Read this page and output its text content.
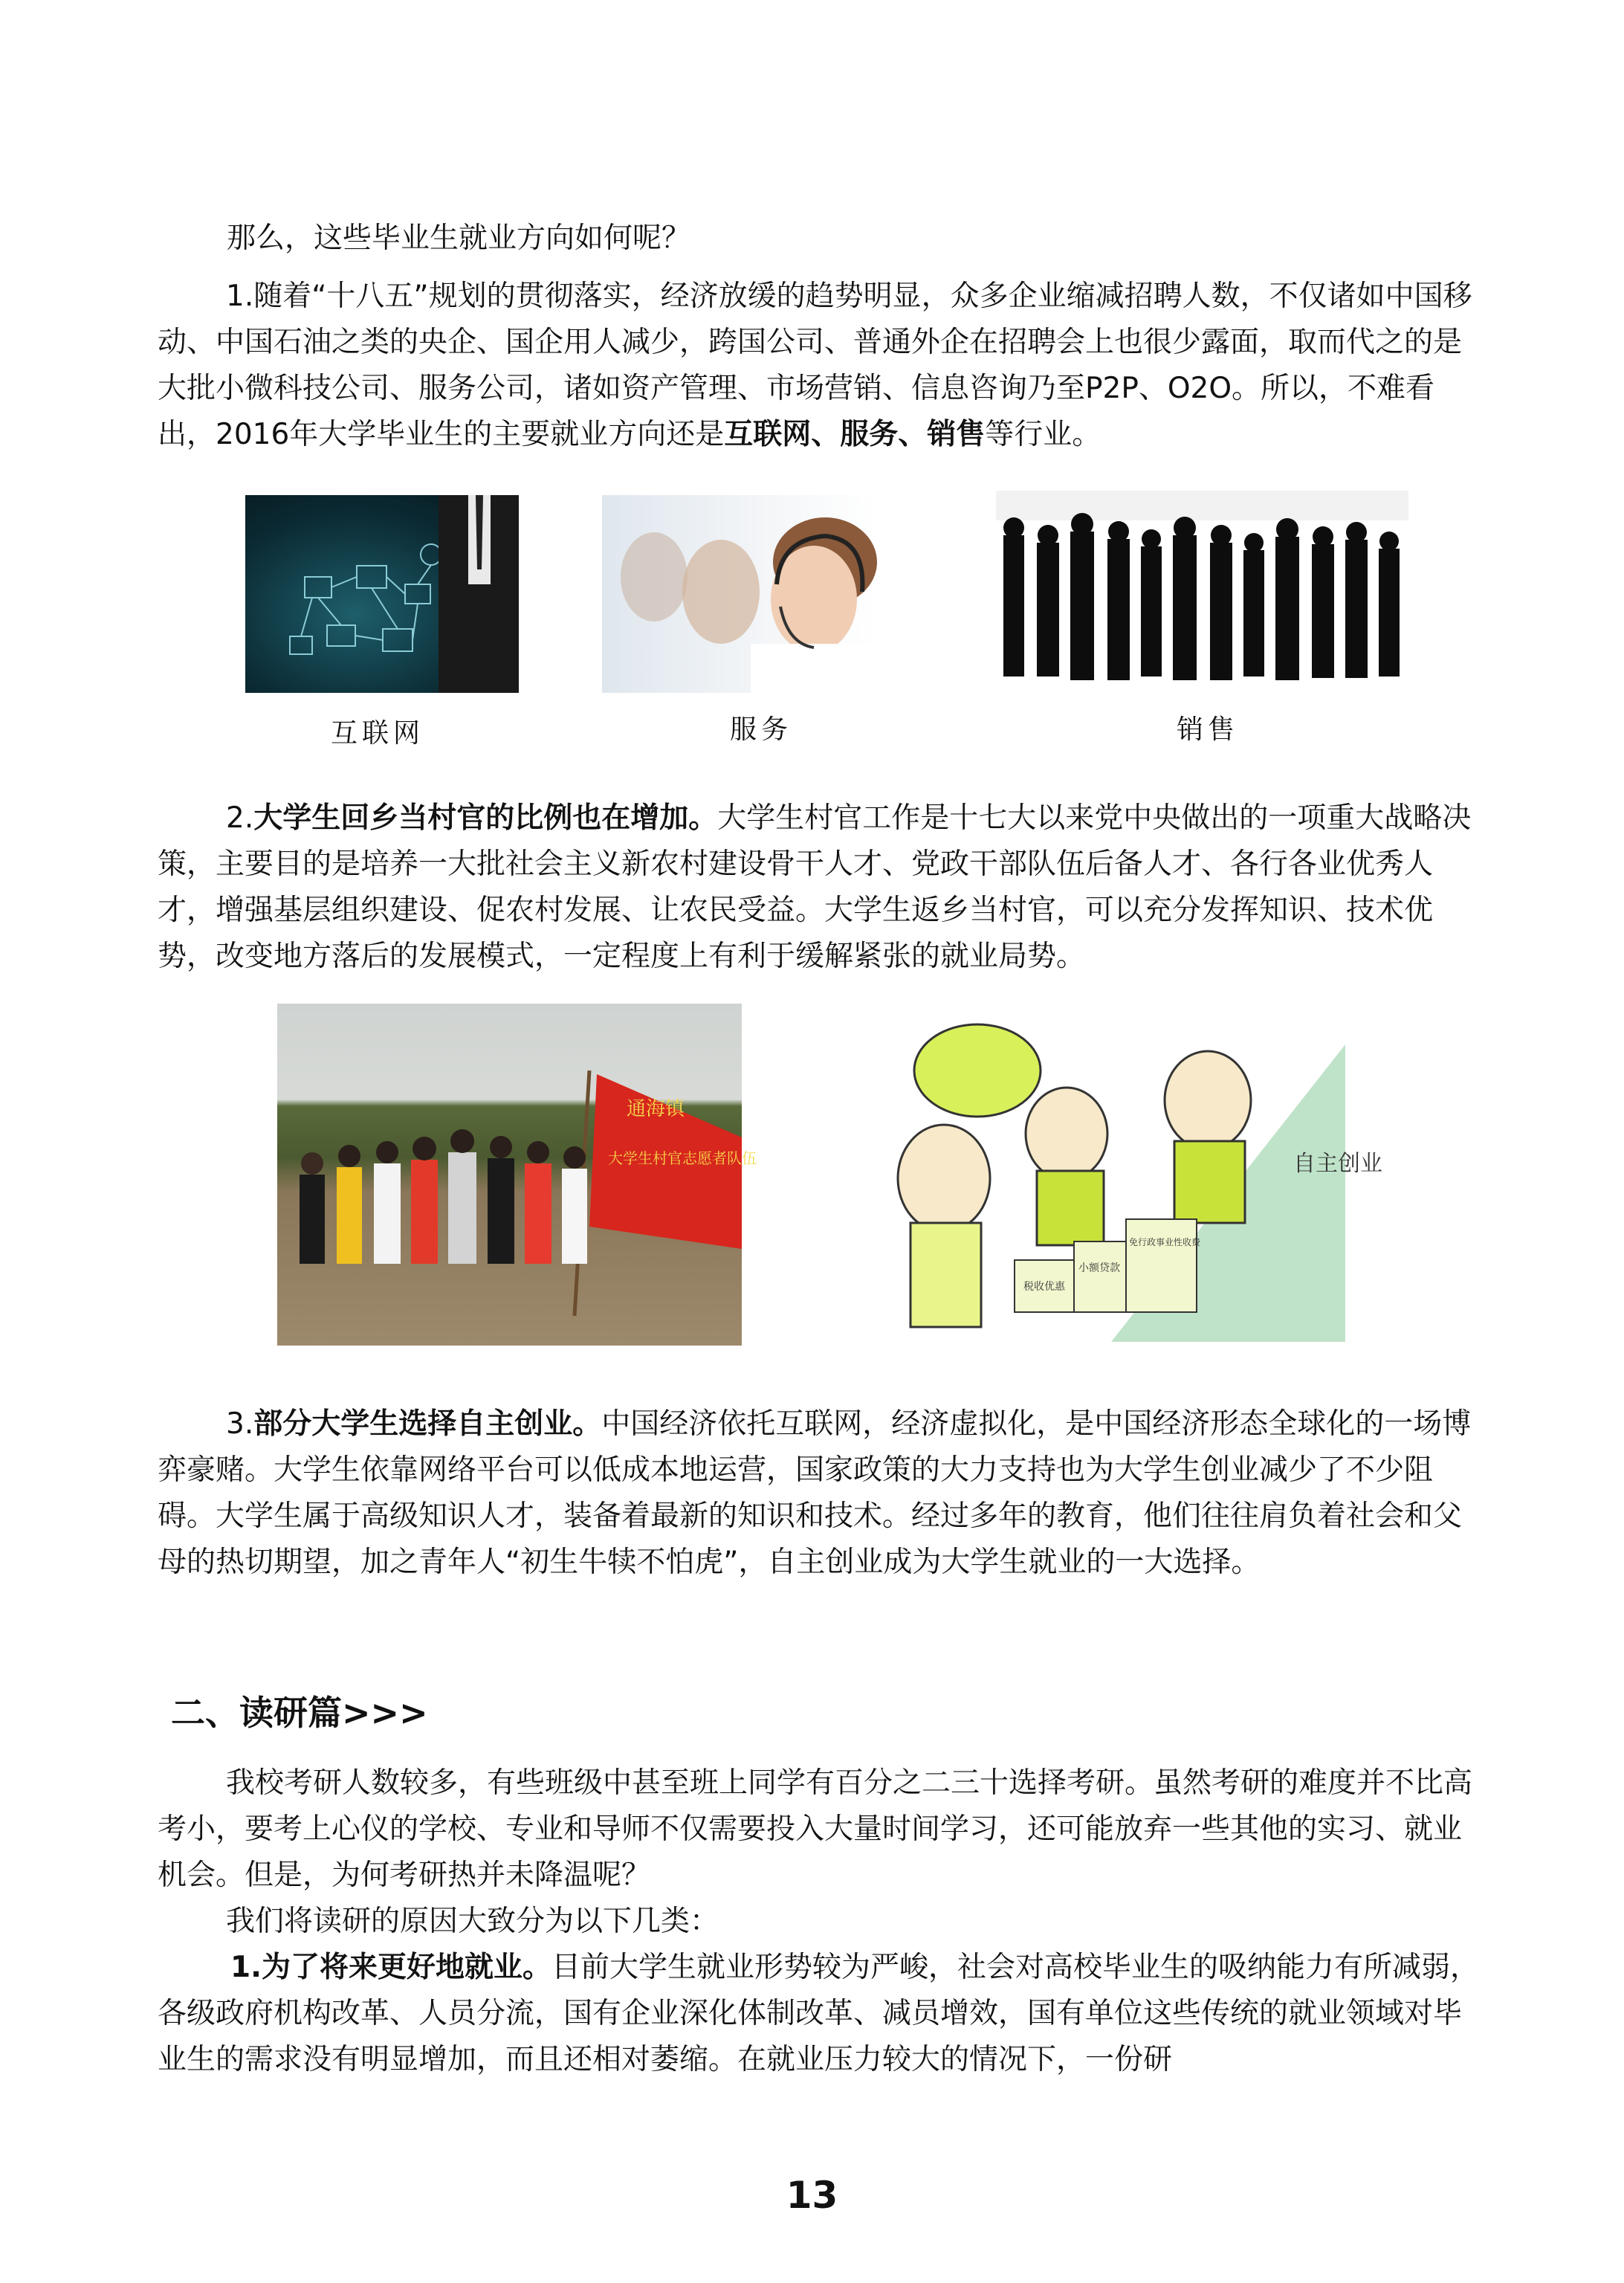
那么，这些毕业生就业方向如何呢？

1.随着“十八五”规划的贯彻落实，经济放缓的趋势明显，众多企业缩减招聘人数，不仅诸如中国移动、中国石油之类的央企、国企用人减少，跨国公司、普通外企在招聘会上也很少露面，取而代之的是大批小微科技公司、服务公司，诸如资产管理、市场营销、信息咨询乃至P2P、O2O。所以，不难看出，2016年大学毕业生的主要就业方向还是互联网、服务、销售等行业。

互联网	服务	销售

2.大学生回乡当村官的比例也在增加。大学生村官工作是十七大以来党中央做出的一项重大战略决策，主要目的是培养一大批社会主义新农村建设骨干人才、党政干部队伍后备人才、各行各业优秀人才，增强基层组织建设、促农村发展、让农民受益。大学生返乡当村官，可以充分发挥知识、技术优势，改变地方落后的发展模式，一定程度上有利于缓解紧张的就业局势。

通海镇
大学生村官志愿者队伍
税收优惠
小额贷款
免行政事业性收费
自主创业

3.部分大学生选择自主创业。中国经济依托互联网，经济虚拟化，是中国经济形态全球化的一场博弈豪赌。大学生依靠网络平台可以低成本地运营，国家政策的大力支持也为大学生创业减少了不少阻碍。大学生属于高级知识人才，装备着最新的知识和技术。经过多年的教育，他们往往肩负着社会和父母的热切期望，加之青年人“初生牛犊不怕虎”，自主创业成为大学生就业的一大选择。

二、读研篇>>>

我校考研人数较多，有些班级中甚至班上同学有百分之二三十选择考研。虽然考研的难度并不比高考小，要考上心仪的学校、专业和导师不仅需要投入大量时间学习，还可能放弃一些其他的实习、就业机会。但是，为何考研热并未降温呢？

我们将读研的原因大致分为以下几类：

1.为了将来更好地就业。目前大学生就业形势较为严峻，社会对高校毕业生的吸纳能力有所减弱，各级政府机构改革、人员分流，国有企业深化体制改革、减员增效，国有单位这些传统的就业领域对毕业生的需求没有明显增加，而且还相对萎缩。在就业压力较大的情况下，一份研

13
